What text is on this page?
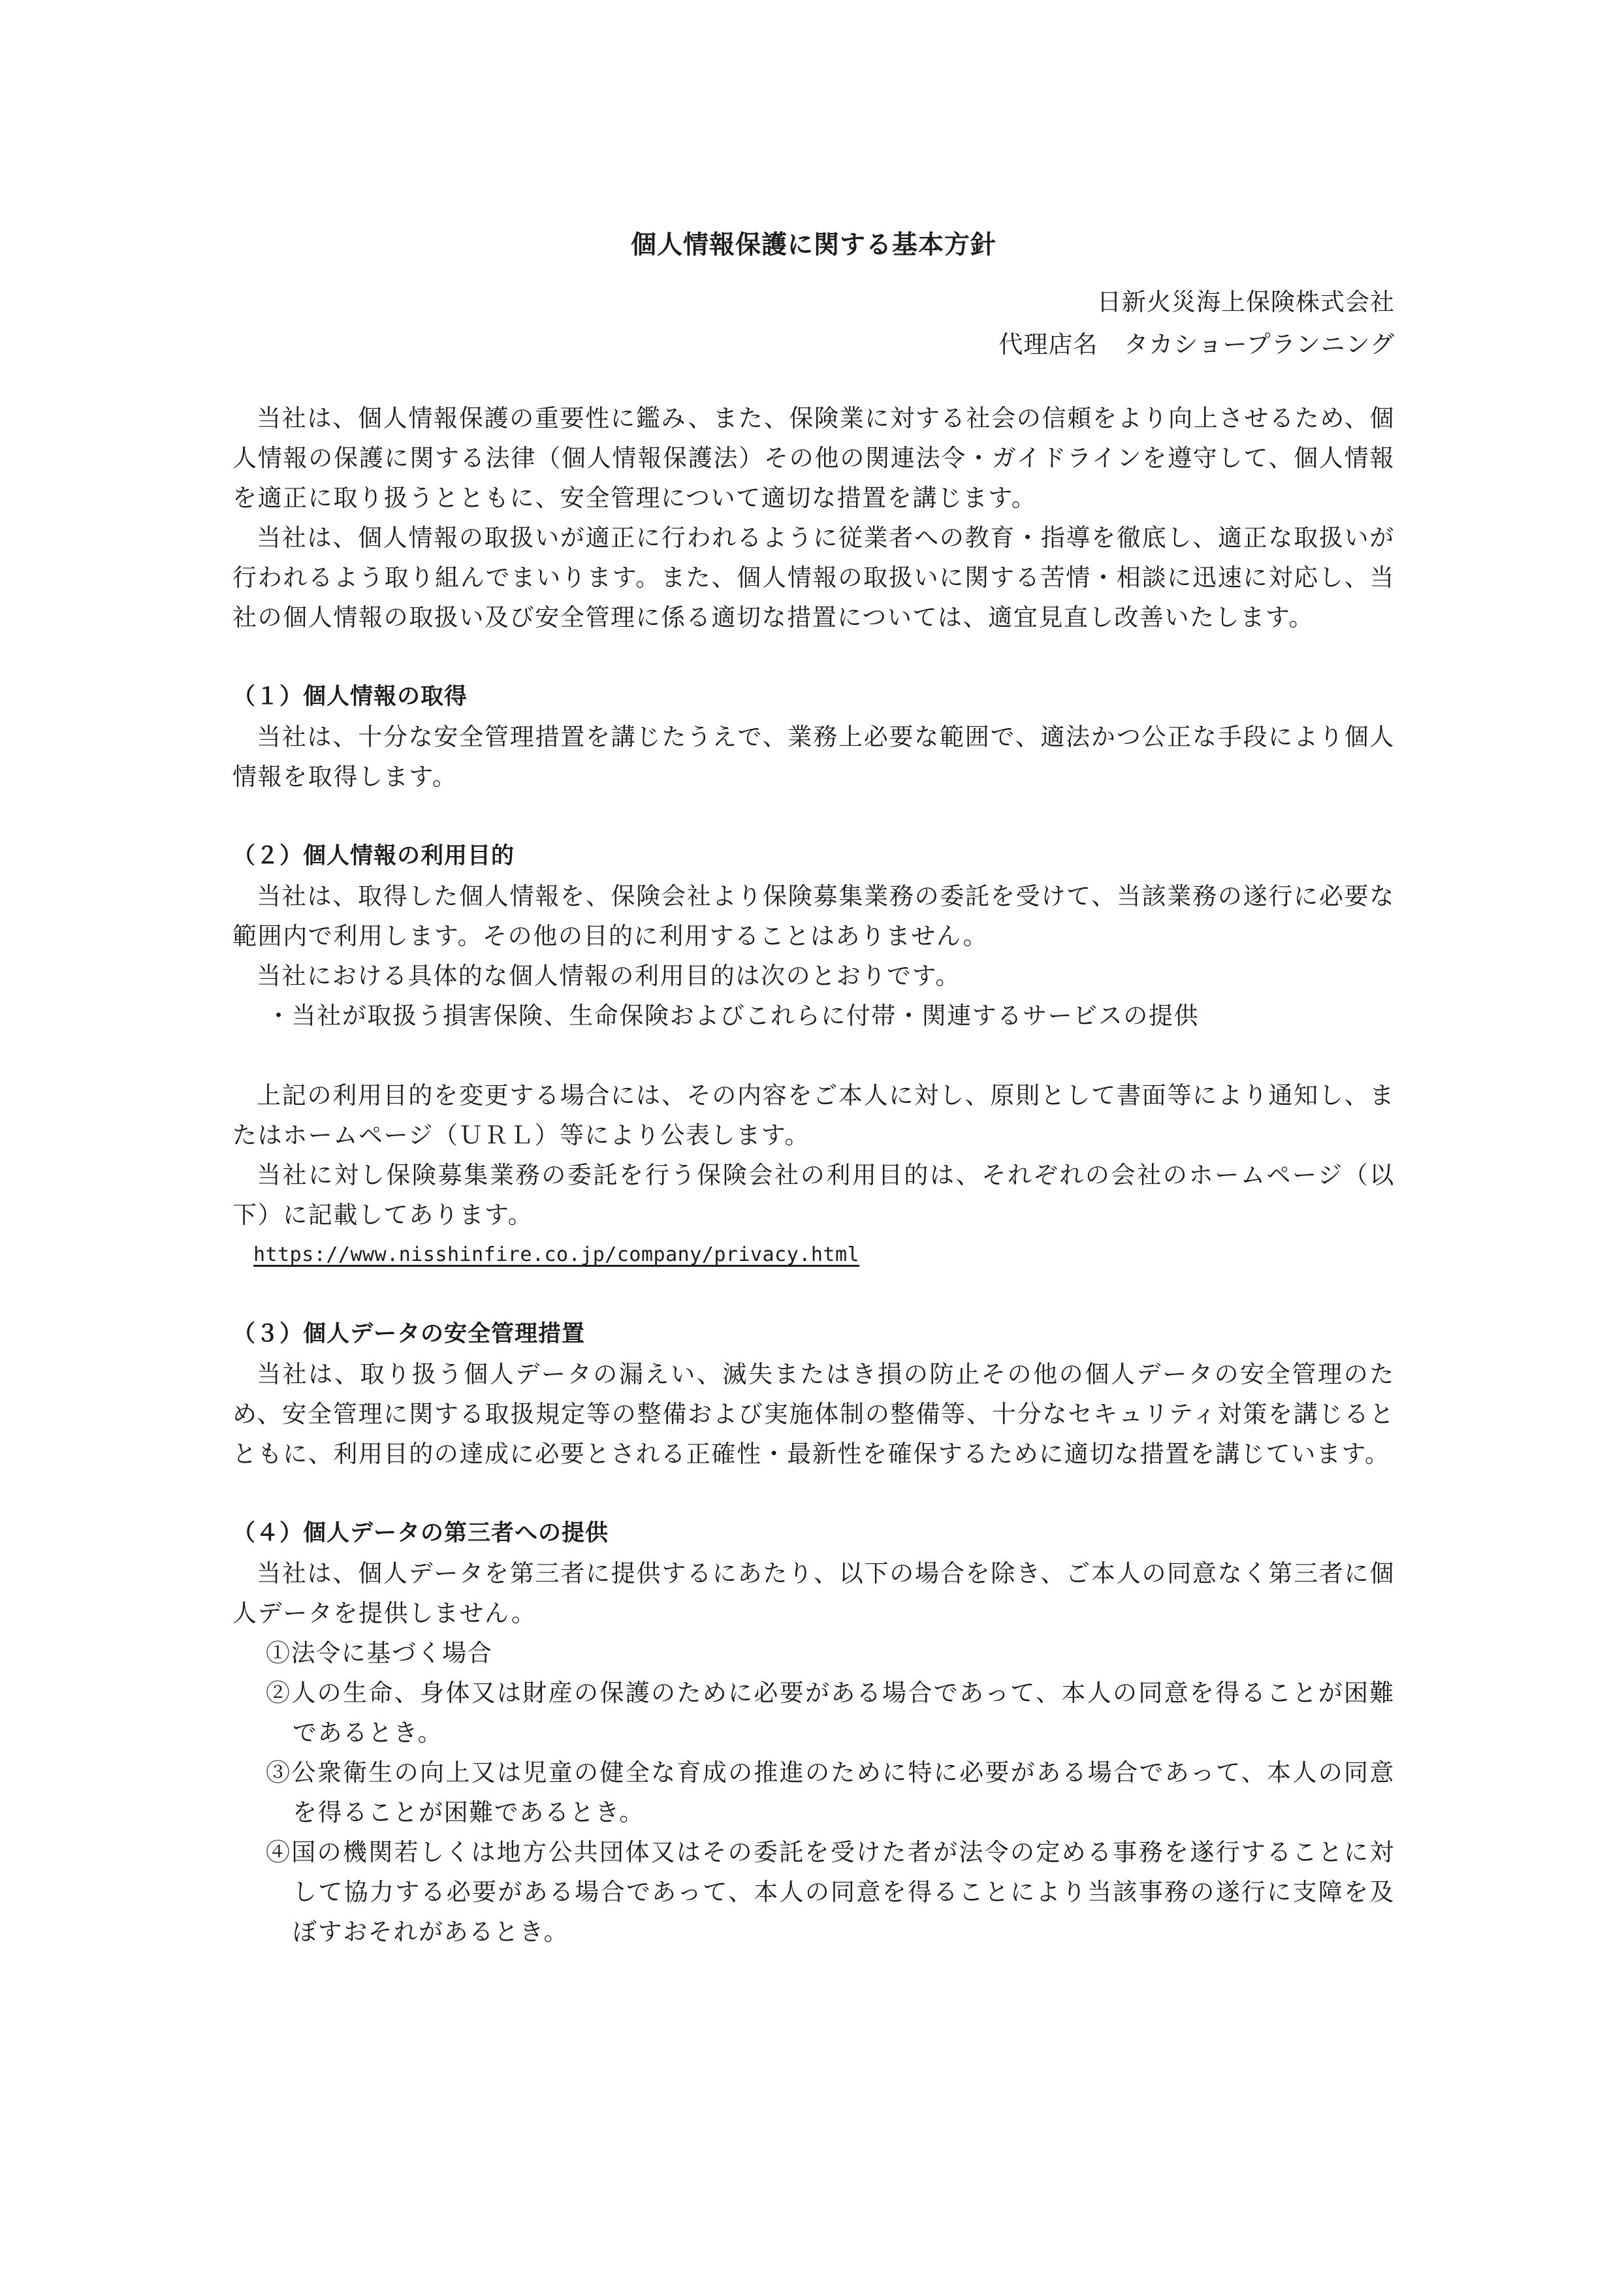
個人情報保護に関する基本方針
日新火災海上保険株式会社
代理店名 タカショープランニング

当社は、個人情報保護の重要性に鑑み、また、保険業に対する社会の信頼をより向上させるため、個人情報の保護に関する法律（個人情報保護法）その他の関連法令・ガイドラインを遵守して、個人情報を適正に取り扱うとともに、安全管理について適切な措置を講じます。

当社は、個人情報の取扱いが適正に行われるように従業者への教育・指導を徹底し、適正な取扱いが行われるよう取り組んでまいります。また、個人情報の取扱いに関する苦情・相談に迅速に対応し、当社の個人情報の取扱い及び安全管理に係る適切な措置については、適宜見直し改善いたします。

（１）個人情報の取得

当社は、十分な安全管理措置を講じたうえで、業務上必要な範囲で、適法かつ公正な手段により個人情報を取得します。

（２）個人情報の利用目的

当社は、取得した個人情報を、保険会社より保険募集業務の委託を受けて、当該業務の遂行に必要な範囲内で利用します。その他の目的に利用することはありません。

当社における具体的な個人情報の利用目的は次のとおりです。

・当社が取扱う損害保険、生命保険およびこれらに付帯・関連するサービスの提供

上記の利用目的を変更する場合には、その内容をご本人に対し、原則として書面等により通知し、またはホームページ（ＵＲＬ）等により公表します。

当社に対し保険募集業務の委託を行う保険会社の利用目的は、それぞれの会社のホームページ（以下）に記載してあります。

https://www.nisshinfire.co.jp/company/privacy.html

（３）個人データの安全管理措置

当社は、取り扱う個人データの漏えい、滅失またはき損の防止その他の個人データの安全管理のため、安全管理に関する取扱規定等の整備および実施体制の整備等、十分なセキュリティ対策を講じるとともに、利用目的の達成に必要とされる正確性・最新性を確保するために適切な措置を講じています。

（４）個人データの第三者への提供

当社は、個人データを第三者に提供するにあたり、以下の場合を除き、ご本人の同意なく第三者に個人データを提供しません。

①法令に基づく場合

②人の生命、身体又は財産の保護のために必要がある場合であって、本人の同意を得ることが困難であるとき。

③公衆衛生の向上又は児童の健全な育成の推進のために特に必要がある場合であって、本人の同意を得ることが困難であるとき。

④国の機関若しくは地方公共団体又はその委託を受けた者が法令の定める事務を遂行することに対して協力する必要がある場合であって、本人の同意を得ることにより当該事務の遂行に支障を及ぼすおそれがあるとき。
